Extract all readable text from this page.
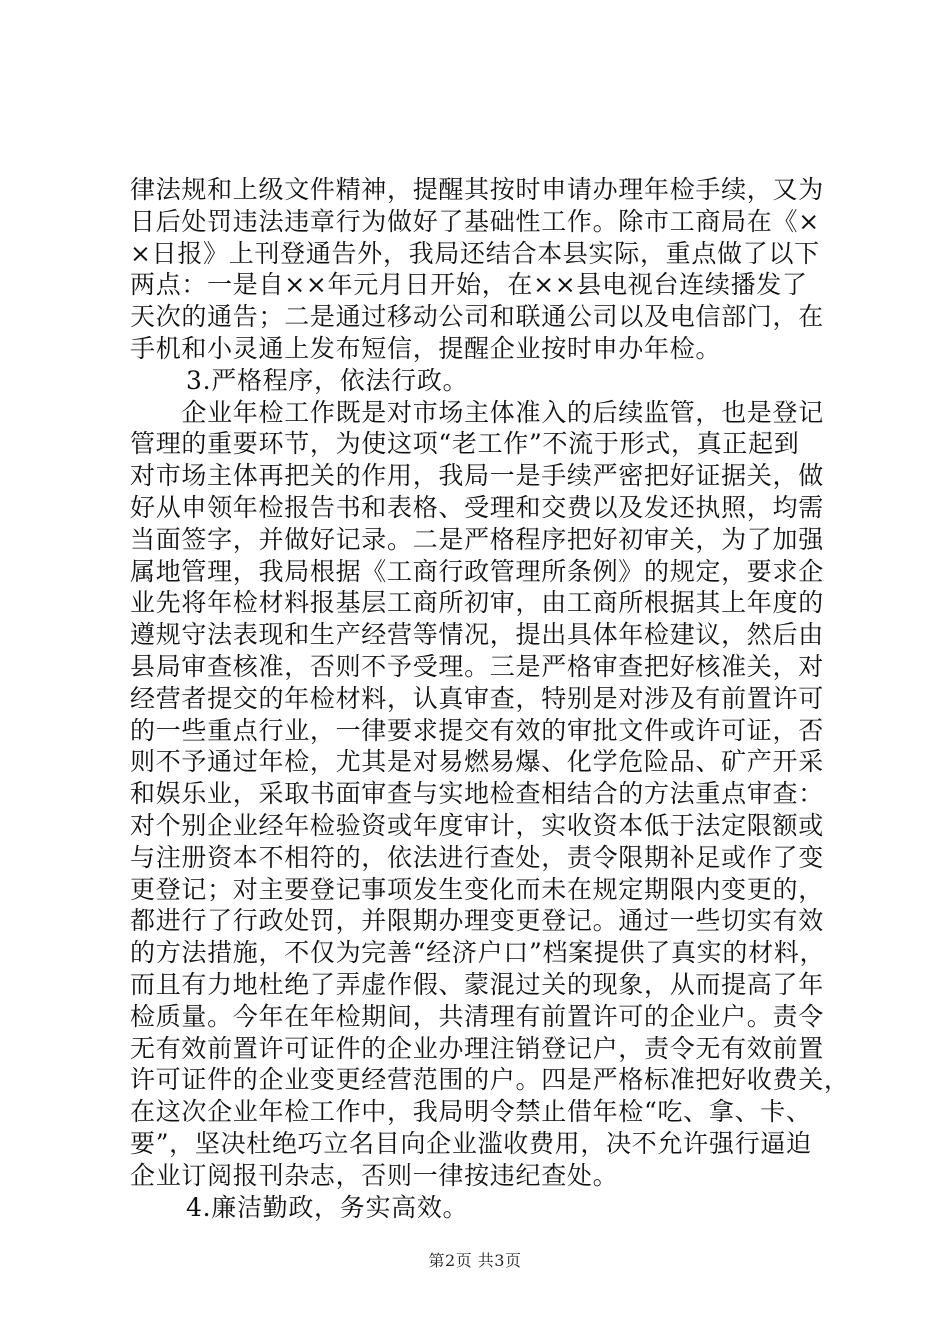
律法规和上级文件精神，提醒其按时申请办理年检手续，又为
日后处罚违法违章行为做好了基础性工作。除市工商局在《×
×日报》上刊登通告外，我局还结合本县实际，重点做了以下
两点：一是自××年元月日开始，在××县电视台连续播发了
天次的通告；二是通过移动公司和联通公司以及电信部门，在
手机和小灵通上发布短信，提醒企业按时申办年检。
3.严格程序，依法行政。
　　企业年检工作既是对市场主体准入的后续监管，也是登记
管理的重要环节，为使这项“老工作”不流于形式，真正起到
对市场主体再把关的作用，我局一是手续严密把好证据关，做
好从申领年检报告书和表格、受理和交费以及发还执照，均需
当面签字，并做好记录。二是严格程序把好初审关，为了加强
属地管理，我局根据《工商行政管理所条例》的规定，要求企
业先将年检材料报基层工商所初审，由工商所根据其上年度的
遵规守法表现和生产经营等情况，提出具体年检建议，然后由
县局审查核准，否则不予受理。三是严格审查把好核准关，对
经营者提交的年检材料，认真审查，特别是对涉及有前置许可
的一些重点行业，一律要求提交有效的审批文件或许可证，否
则不予通过年检，尤其是对易燃易爆、化学危险品、矿产开采
和娱乐业，采取书面审查与实地检查相结合的方法重点审查：
对个别企业经年检验资或年度审计，实收资本低于法定限额或
与注册资本不相符的，依法进行查处，责令限期补足或作了变
更登记；对主要登记事项发生变化而未在规定期限内变更的，
都进行了行政处罚，并限期办理变更登记。通过一些切实有效
的方法措施，不仅为完善“经济户口”档案提供了真实的材料，
而且有力地杜绝了弄虚作假、蒙混过关的现象，从而提高了年
检质量。今年在年检期间，共清理有前置许可的企业户。责令
无有效前置许可证件的企业办理注销登记户，责令无有效前置
许可证件的企业变更经营范围的户。四是严格标准把好收费关，
在这次企业年检工作中，我局明令禁止借年检“吃、拿、卡、
要”，坚决杜绝巧立名目向企业滥收费用，决不允许强行逼迫
企业订阅报刊杂志，否则一律按违纪查处。
4.廉洁勤政，务实高效。
第2页 共3页
